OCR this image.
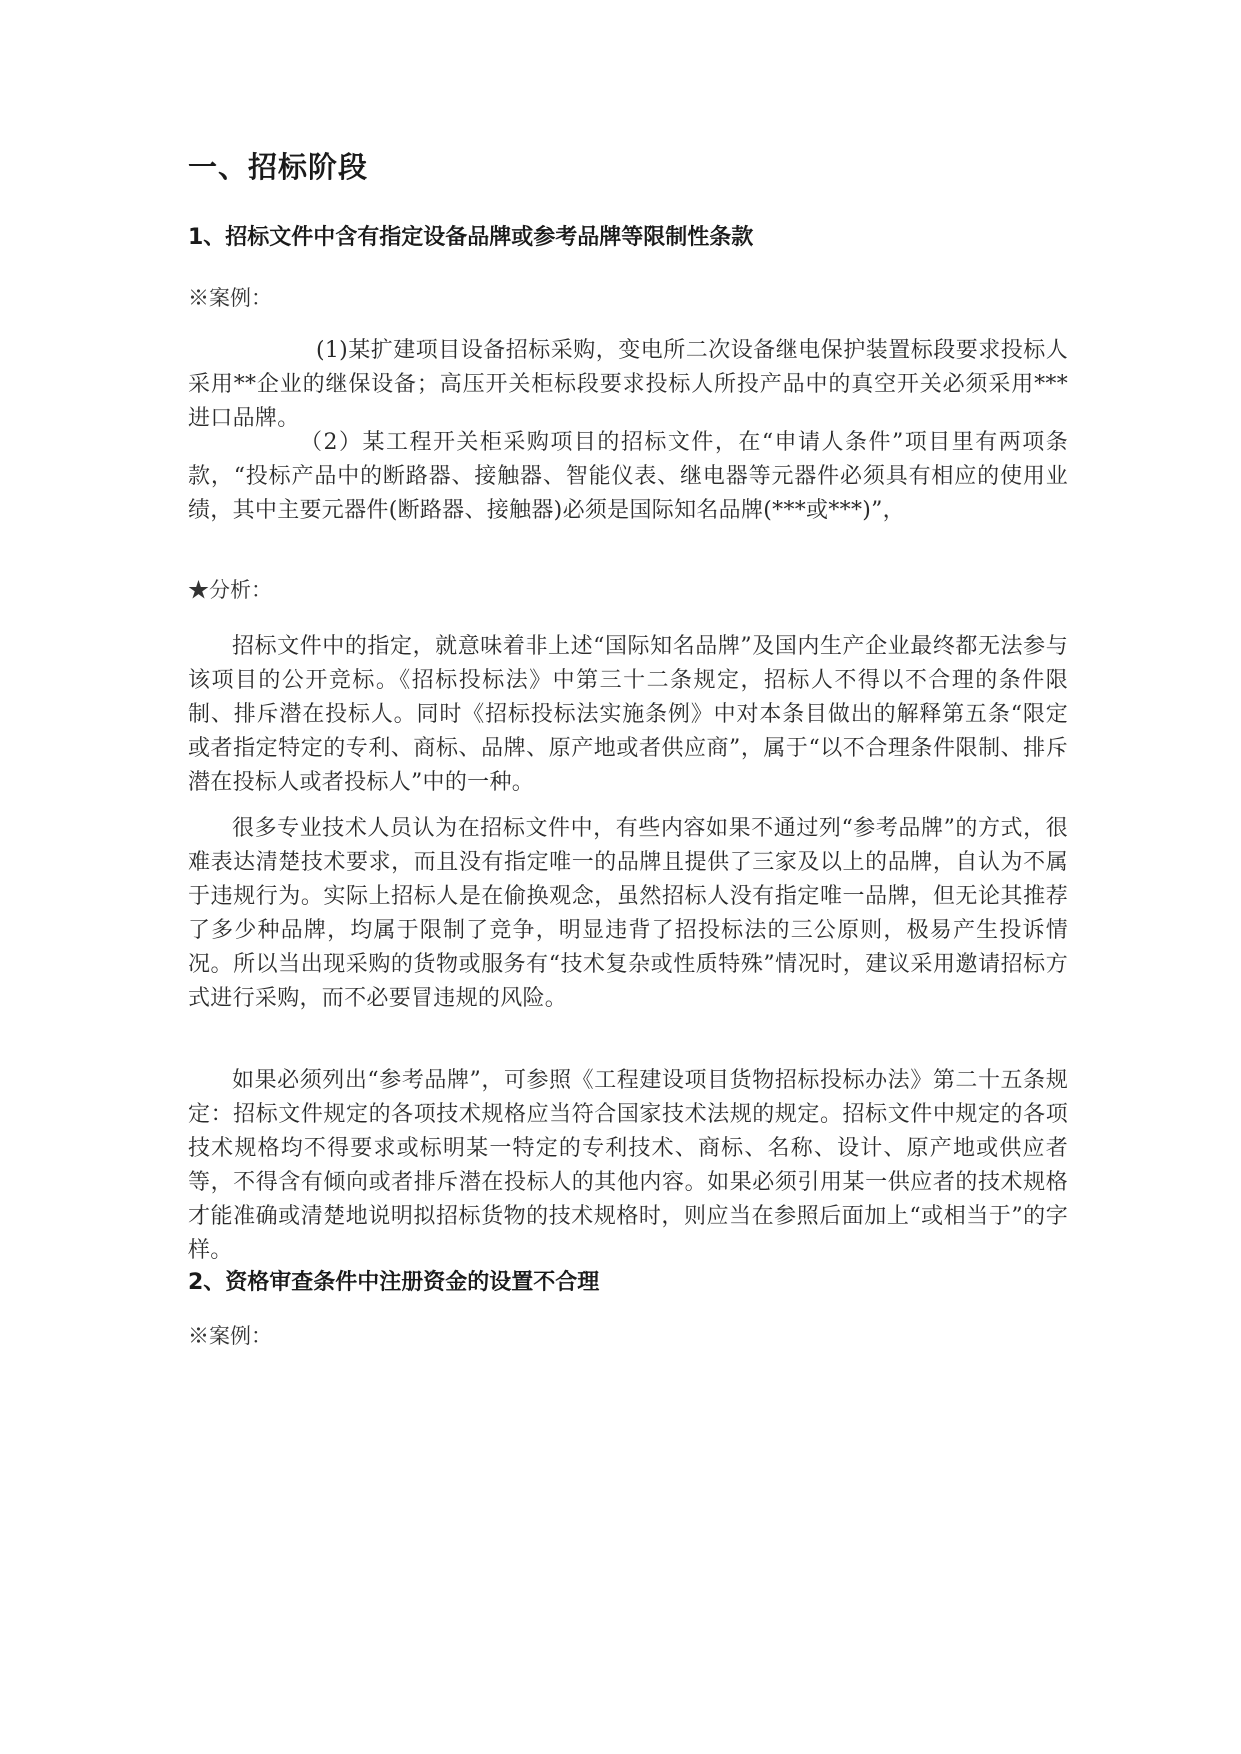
一、招标阶段
1、招标文件中含有指定设备品牌或参考品牌等限制性条款

※案例：

(1)某扩建项目设备招标采购，变电所二次设备继电保护装置标段要求投标人采用**企业的继保设备；高压开关柜标段要求投标人所投产品中的真空开关必须采用***进口品牌。

（2）某工程开关柜采购项目的招标文件，在“申请人条件”项目里有两项条款，“投标产品中的断路器、接触器、智能仪表、继电器等元器件必须具有相应的使用业绩，其中主要元器件(断路器、接触器)必须是国际知名品牌(***或***)”，

★分析：

招标文件中的指定，就意味着非上述“国际知名品牌”及国内生产企业最终都无法参与该项目的公开竞标。《招标投标法》中第三十二条规定，招标人不得以不合理的条件限制、排斥潜在投标人。同时《招标投标法实施条例》中对本条目做出的解释第五条“限定或者指定特定的专利、商标、品牌、原产地或者供应商”，属于“以不合理条件限制、排斥潜在投标人或者投标人”中的一种。

很多专业技术人员认为在招标文件中，有些内容如果不通过列“参考品牌”的方式，很难表达清楚技术要求，而且没有指定唯一的品牌且提供了三家及以上的品牌，自认为不属于违规行为。实际上招标人是在偷换观念，虽然招标人没有指定唯一品牌，但无论其推荐了多少种品牌，均属于限制了竞争，明显违背了招投标法的三公原则，极易产生投诉情况。所以当出现采购的货物或服务有“技术复杂或性质特殊”情况时，建议采用邀请招标方式进行采购，而不必要冒违规的风险。

如果必须列出“参考品牌”，可参照《工程建设项目货物招标投标办法》第二十五条规定：招标文件规定的各项技术规格应当符合国家技术法规的规定。招标文件中规定的各项技术规格均不得要求或标明某一特定的专利技术、商标、名称、设计、原产地或供应者等，不得含有倾向或者排斥潜在投标人的其他内容。如果必须引用某一供应者的技术规格才能准确或清楚地说明拟招标货物的技术规格时，则应当在参照后面加上“或相当于”的字样。

2、资格审查条件中注册资金的设置不合理

※案例：
